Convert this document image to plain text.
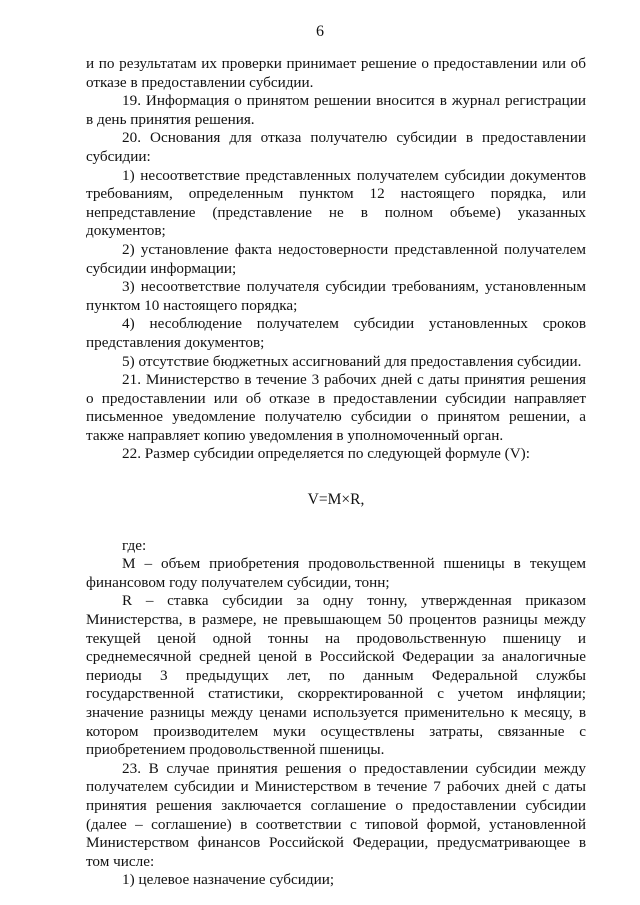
6

и по результатам их проверки принимает решение о предоставлении или об отказе в предоставлении субсидии.

19. Информация о принятом решении вносится в журнал регистрации в день принятия решения.

20. Основания для отказа получателю субсидии в предоставлении субсидии:

1) несоответствие представленных получателем субсидии документов требованиям, определенным пунктом 12 настоящего порядка, или непредставление (представление не в полном объеме) указанных документов;

2) установление факта недостоверности представленной получателем субсидии информации;

3) несоответствие получателя субсидии требованиям, установленным пунктом 10 настоящего порядка;

4) несоблюдение получателем субсидии установленных сроков представления документов;

5) отсутствие бюджетных ассигнований для предоставления субсидии.

21. Министерство в течение 3 рабочих дней с даты принятия решения о предоставлении или об отказе в предоставлении субсидии направляет письменное уведомление получателю субсидии о принятом решении, а также направляет копию уведомления в уполномоченный орган.

22. Размер субсидии определяется по следующей формуле (V):

V=M×R,

где:

M – объем приобретения продовольственной пшеницы в текущем финансовом году получателем субсидии, тонн;

R – ставка субсидии за одну тонну, утвержденная приказом Министерства, в размере, не превышающем 50 процентов разницы между текущей ценой одной тонны на продовольственную пшеницу и среднемесячной средней ценой в Российской Федерации за аналогичные периоды 3 предыдущих лет, по данным Федеральной службы государственной статистики, скорректированной с учетом инфляции; значение разницы между ценами используется применительно к месяцу, в котором производителем муки осуществлены затраты, связанные с приобретением продовольственной пшеницы.

23. В случае принятия решения о предоставлении субсидии между получателем субсидии и Министерством в течение 7 рабочих дней с даты принятия решения заключается соглашение о предоставлении субсидии (далее – соглашение) в соответствии с типовой формой, установленной Министерством финансов Российской Федерации, предусматривающее в том числе:

1) целевое назначение субсидии;
